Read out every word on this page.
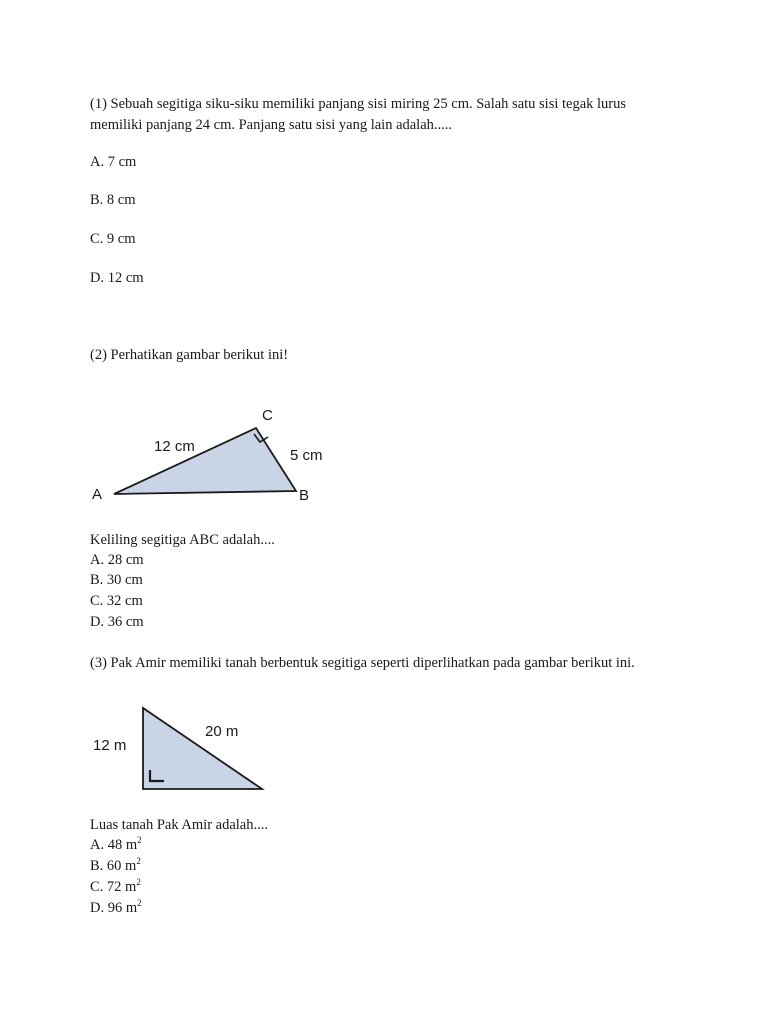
(1) Sebuah segitiga siku-siku memiliki panjang sisi miring 25 cm. Salah satu sisi tegak lurus
memiliki panjang 24 cm. Panjang satu sisi yang lain adalah.....
A. 7 cm
B. 8 cm
C. 9 cm
D. 12 cm
(2) Perhatikan gambar berikut ini!
C
A	B
12 cm
5 cm
Keliling segitiga ABC adalah....
A. 28 cm
B. 30 cm
C. 32 cm
D. 36 cm
(3) Pak Amir memiliki tanah berbentuk segitiga seperti diperlihatkan pada gambar berikut ini.
12 m
20 m
Luas tanah Pak Amir adalah....
A. 48 $m^2$
B. 60 $m^2$
C. 72 $m^2$
D. 96 $m^2$
